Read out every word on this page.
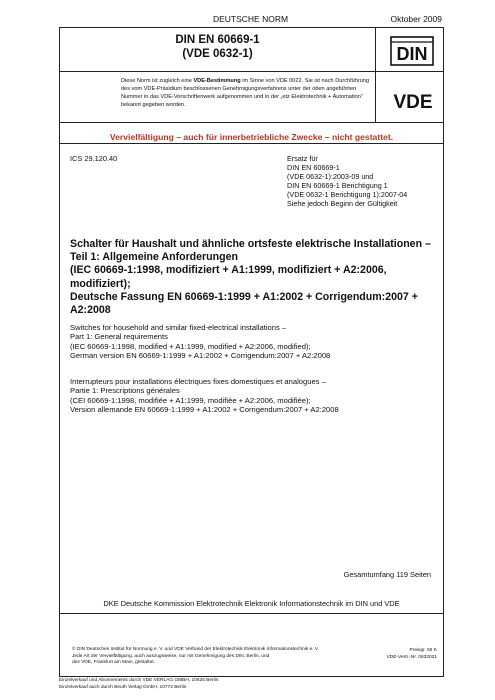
DEUTSCHE NORM	Oktober 2009
DIN EN 60669-1
(VDE 0632-1)	DIN
Diese Norm ist zugleich eine VDE-Bestimmung im Sinne von VDE 0022. Sie ist nach Durchführung des vom VDE-Präsidium beschlossenen Genehmigungsverfahrens unter der oben angeführten Nummer in das VDE-Vorschriftenwerk aufgenommen und in der „etz Elektrotechnik + Automation“ bekannt gegeben worden.	VDE
Vervielfältigung – auch für innerbetriebliche Zwecke – nicht gestattet.
ICS 29.120.40	Ersatz für
DIN EN 60669-1
(VDE 0632-1):2003-09 und
DIN EN 60669-1 Berichtigung 1
(VDE 0632-1 Berichtigung 1):2007-04
Siehe jedoch Beginn der Gültigkeit
Schalter für Haushalt und ähnliche ortsfeste elektrische Installationen –
Teil 1: Allgemeine Anforderungen
(IEC 60669-1:1998, modifiziert + A1:1999, modifiziert + A2:2006,
modifiziert);
Deutsche Fassung EN 60669-1:1999 + A1:2002 + Corrigendum:2007 +
A2:2008
Switches for household and similar fixed-electrical installations –
Part 1: General requirements
(IEC 60669-1:1998, modified + A1:1999, modified + A2:2006, modified);
German version EN 60669-1:1999 + A1:2002 + Corrigendum:2007 + A2:2008
Interrupteurs pour installations électriques fixes domestiques et analogues –
Partie 1: Prescriptions générales
(CEI 60669-1:1998, modifiée + A1:1999, modifiée + A2:2006, modifiée);
Version allemande EN 60669-1:1999 + A1:2002 + Corrigendum:2007 + A2:2008
Gesamtumfang 119 Seiten
DKE Deutsche Kommission Elektrotechnik Elektronik Informationstechnik im DIN und VDE
© DIN Deutsches Institut für Normung e. V. und VDE Verband der Elektrotechnik Elektronik Informationstechnik e. V.
Jede Art der Vervielfältigung, auch auszugsweise, nur mit Genehmigung des DIN, Berlin, und
des VDE, Frankfurt am Main, gestattet.
Preisgr. 55 K
VDE-Vertr.-Nr. 0632021
Einzelverkauf und Abonnements durch VDE VERLAG GMBH, 10625 Berlin
Einzelverkauf auch durch Beuth Verlag GmbH, 10772 Berlin
